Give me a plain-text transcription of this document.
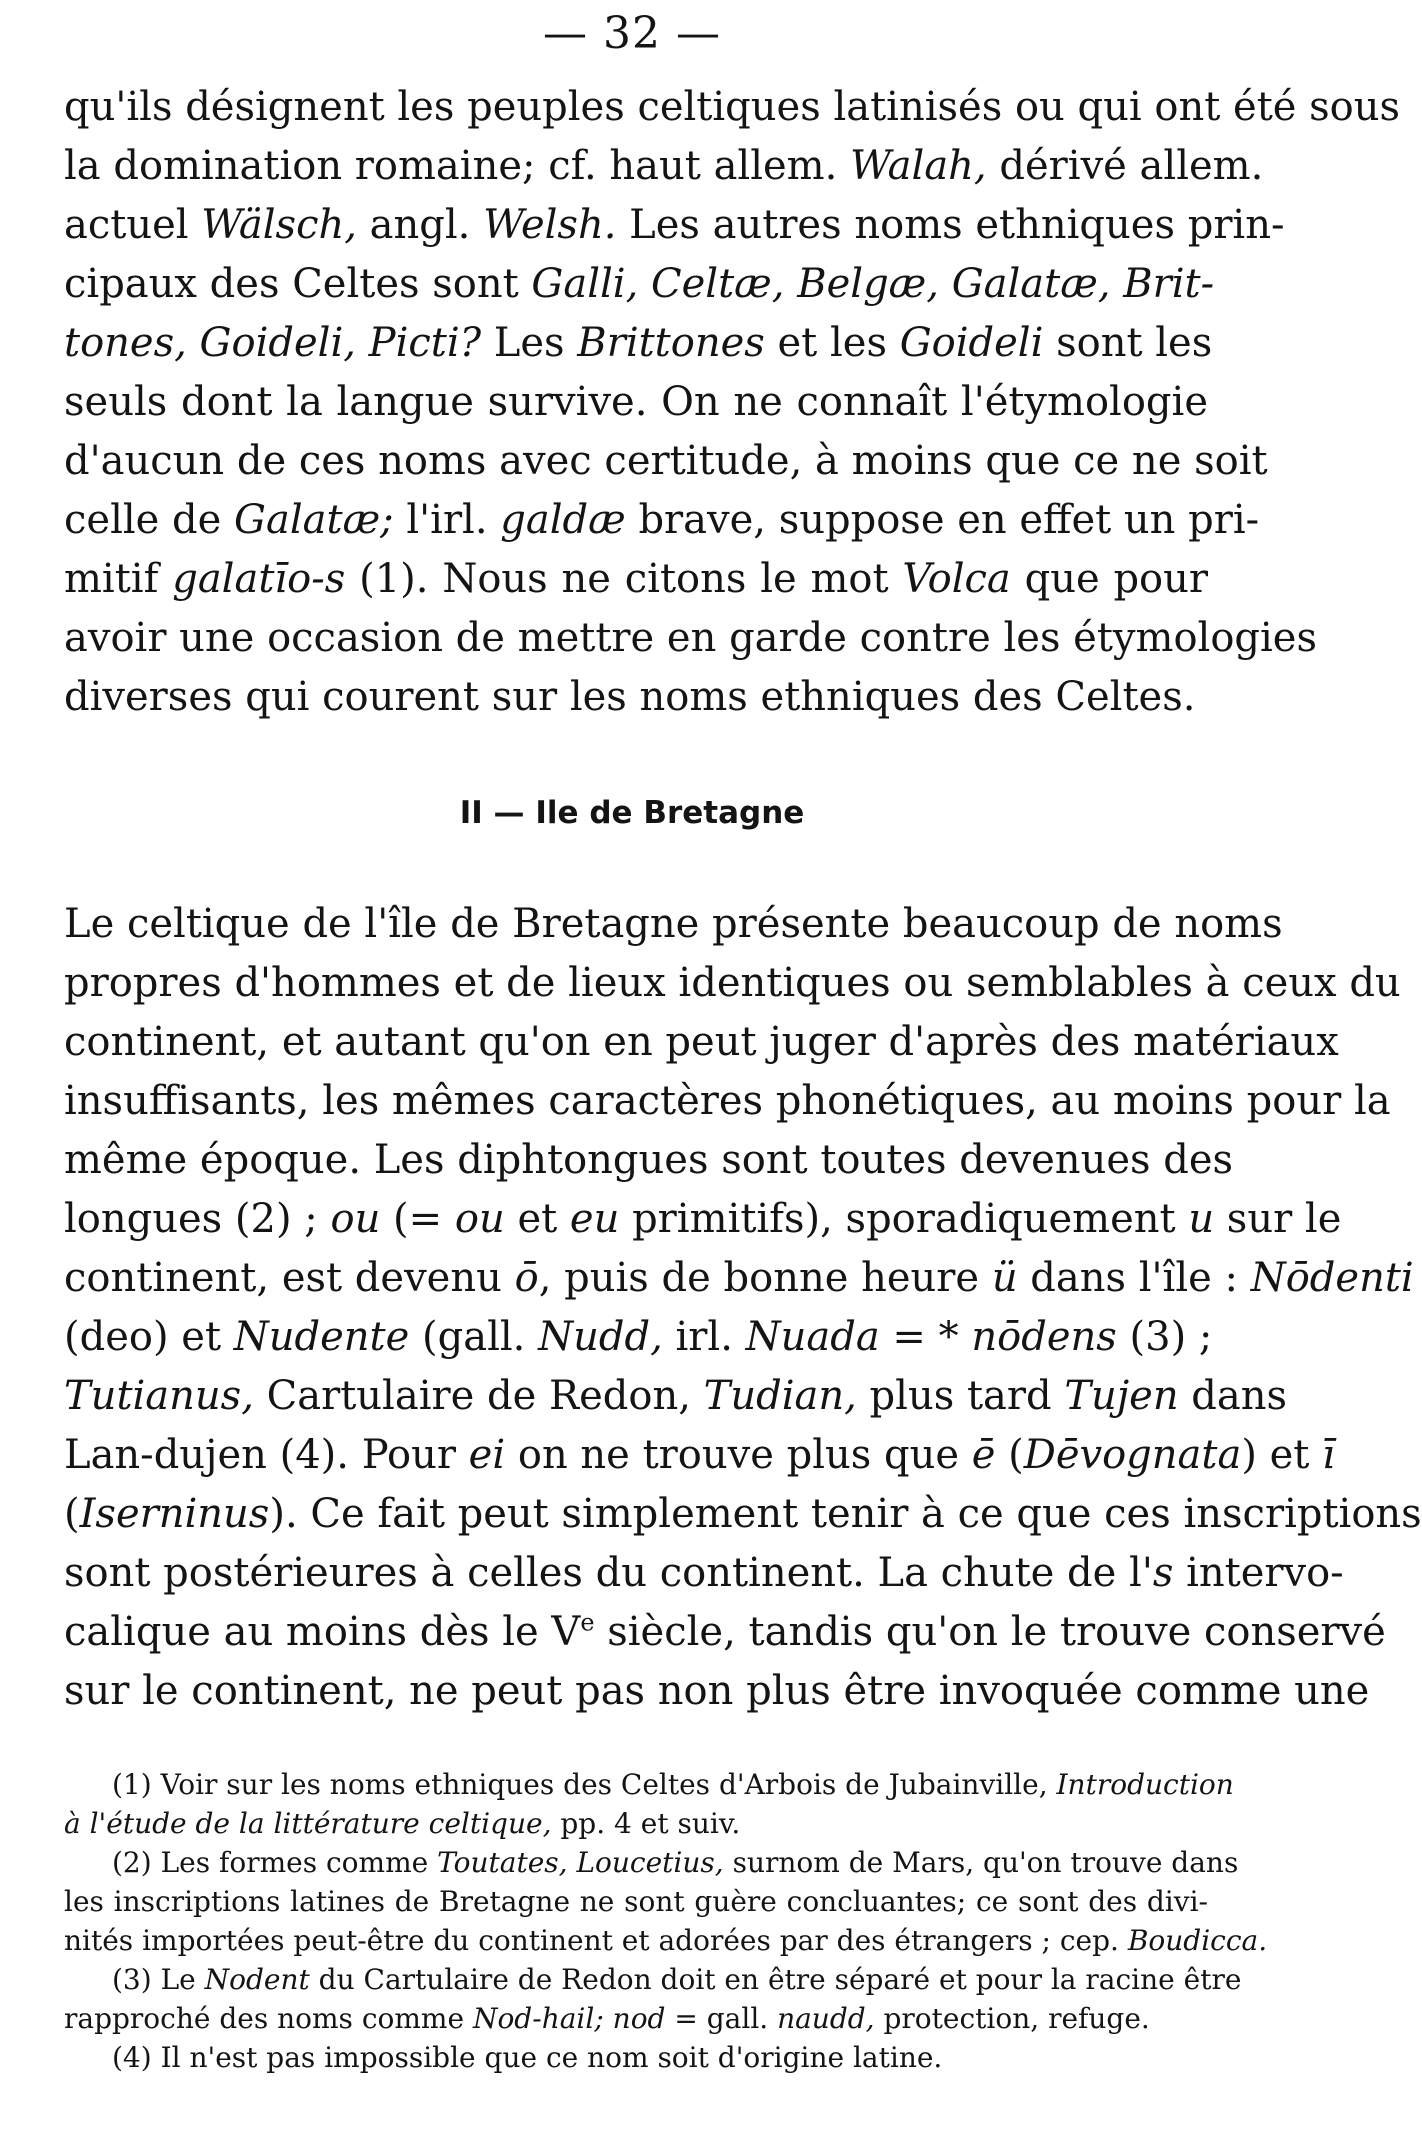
— 32 —
qu'ils désignent les peuples celtiques latinisés ou qui ont été sous
la domination romaine; cf. haut allem. Walah, dérivé allem.
actuel Wälsch, angl. Welsh. Les autres noms ethniques prin-
cipaux des Celtes sont Galli, Celtæ, Belgæ, Galatæ, Brit-
tones, Goideli, Picti? Les Brittones et les Goideli sont les
seuls dont la langue survive. On ne connaît l'étymologie
d'aucun de ces noms avec certitude, à moins que ce ne soit
celle de Galatæ; l'irl. galdæ brave, suppose en effet un pri-
mitif galatīo-s (1). Nous ne citons le mot Volca que pour
avoir une occasion de mettre en garde contre les étymologies
diverses qui courent sur les noms ethniques des Celtes.
II — Ile de Bretagne
Le celtique de l'île de Bretagne présente beaucoup de noms
propres d'hommes et de lieux identiques ou semblables à ceux du
continent, et autant qu'on en peut juger d'après des matériaux
insuffisants, les mêmes caractères phonétiques, au moins pour la
même époque. Les diphtongues sont toutes devenues des
longues (2) ; ou (= ou et eu primitifs), sporadiquement u sur le
continent, est devenu ō, puis de bonne heure ü dans l'île : Nōdenti
(deo) et Nudente (gall. Nudd, irl. Nuada = * nōdens (3) ;
Tutianus, Cartulaire de Redon, Tudian, plus tard Tujen dans
Lan-dujen (4). Pour ei on ne trouve plus que ē (Dēvognata) et ī
(Iserninus). Ce fait peut simplement tenir à ce que ces inscriptions
sont postérieures à celles du continent. La chute de l's intervo-
calique au moins dès le Ve siècle, tandis qu'on le trouve conservé
sur le continent, ne peut pas non plus être invoquée comme une
(1) Voir sur les noms ethniques des Celtes d'Arbois de Jubainville, Introduction
à l'étude de la littérature celtique, pp. 4 et suiv.
(2) Les formes comme Toutates, Loucetius, surnom de Mars, qu'on trouve dans
les inscriptions latines de Bretagne ne sont guère concluantes; ce sont des divi-
nités importées peut-être du continent et adorées par des étrangers ; cep. Boudicca.
(3) Le Nodent du Cartulaire de Redon doit en être séparé et pour la racine être
rapproché des noms comme Nod-hail; nod = gall. naudd, protection, refuge.
(4) Il n'est pas impossible que ce nom soit d'origine latine.
